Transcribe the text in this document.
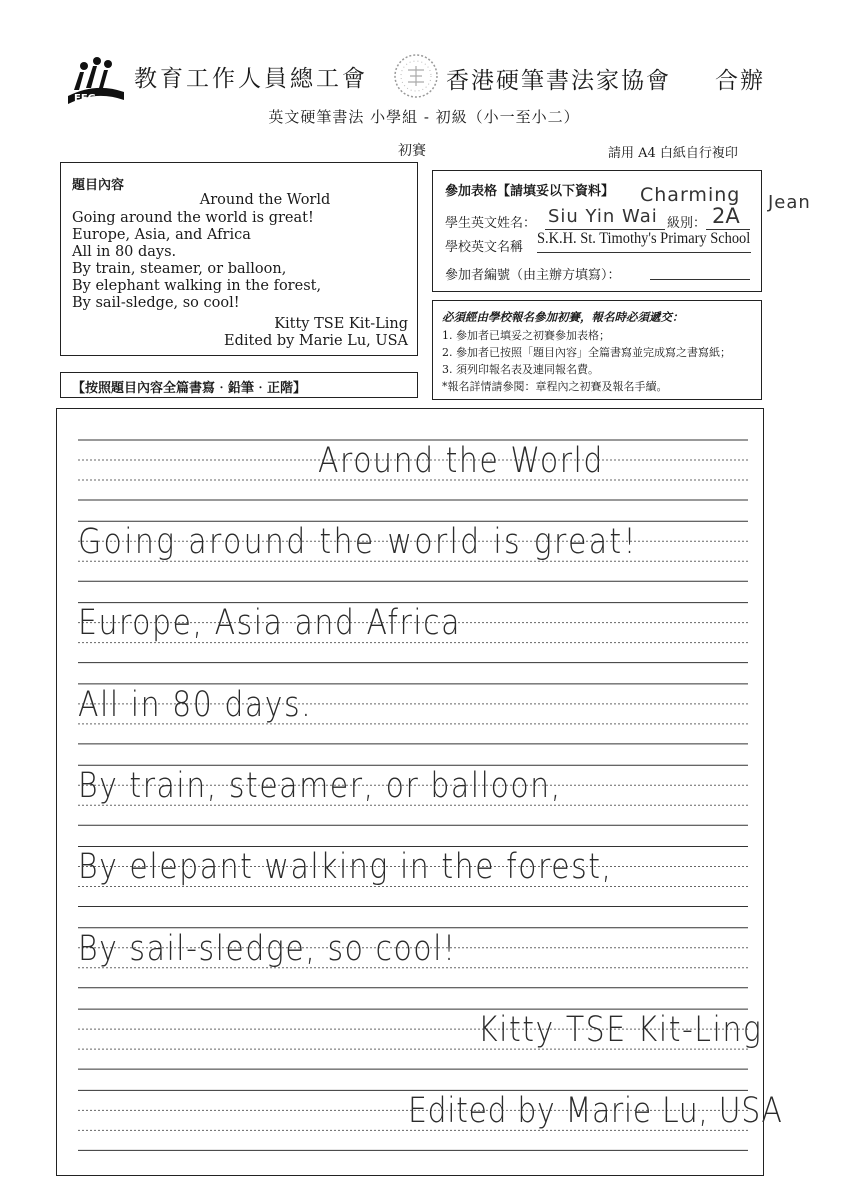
EEG
教育工作人員總工會	香港硬筆書法家協會 合辦
英文硬筆書法 小學組 - 初級（小一至小二）
初賽	請用 A4 白紙自行複印
題目內容
Around the World
Going around the world is great!
Europe, Asia, and Africa
All in 80 days.
By train, steamer, or balloon,
By elephant walking in the forest,
By sail-sledge, so cool!
Kitty TSE Kit-Ling
Edited by Marie Lu, USA
參加表格【請填妥以下資料】 Charming Jean
學生英文姓名： Siu Yin Wai 級別： 2A
學校英文名稱
S.K.H. St. Timothy's Primary School
參加者編號（由主辦方填寫）：
必須經由學校報名參加初賽，報名時必須遞交：
1. 參加者已填妥之初賽參加表格；
2. 參加者已按照「題目內容」全篇書寫並完成寫之書寫紙；
3. 須列印報名表及連同報名費。
*報名詳情請參閱：章程內之初賽及報名手續。
【按照題目內容全篇書寫‧鉛筆‧正階】
Around the World
Going around the world is great!
Europe, Asia and Africa
All in 80 days.
By train, steamer, or balloon,
By elepant walking in the forest,
By sail-sledge, so cool!
Kitty TSE Kit-Ling
Edited by Marie Lu, USA
